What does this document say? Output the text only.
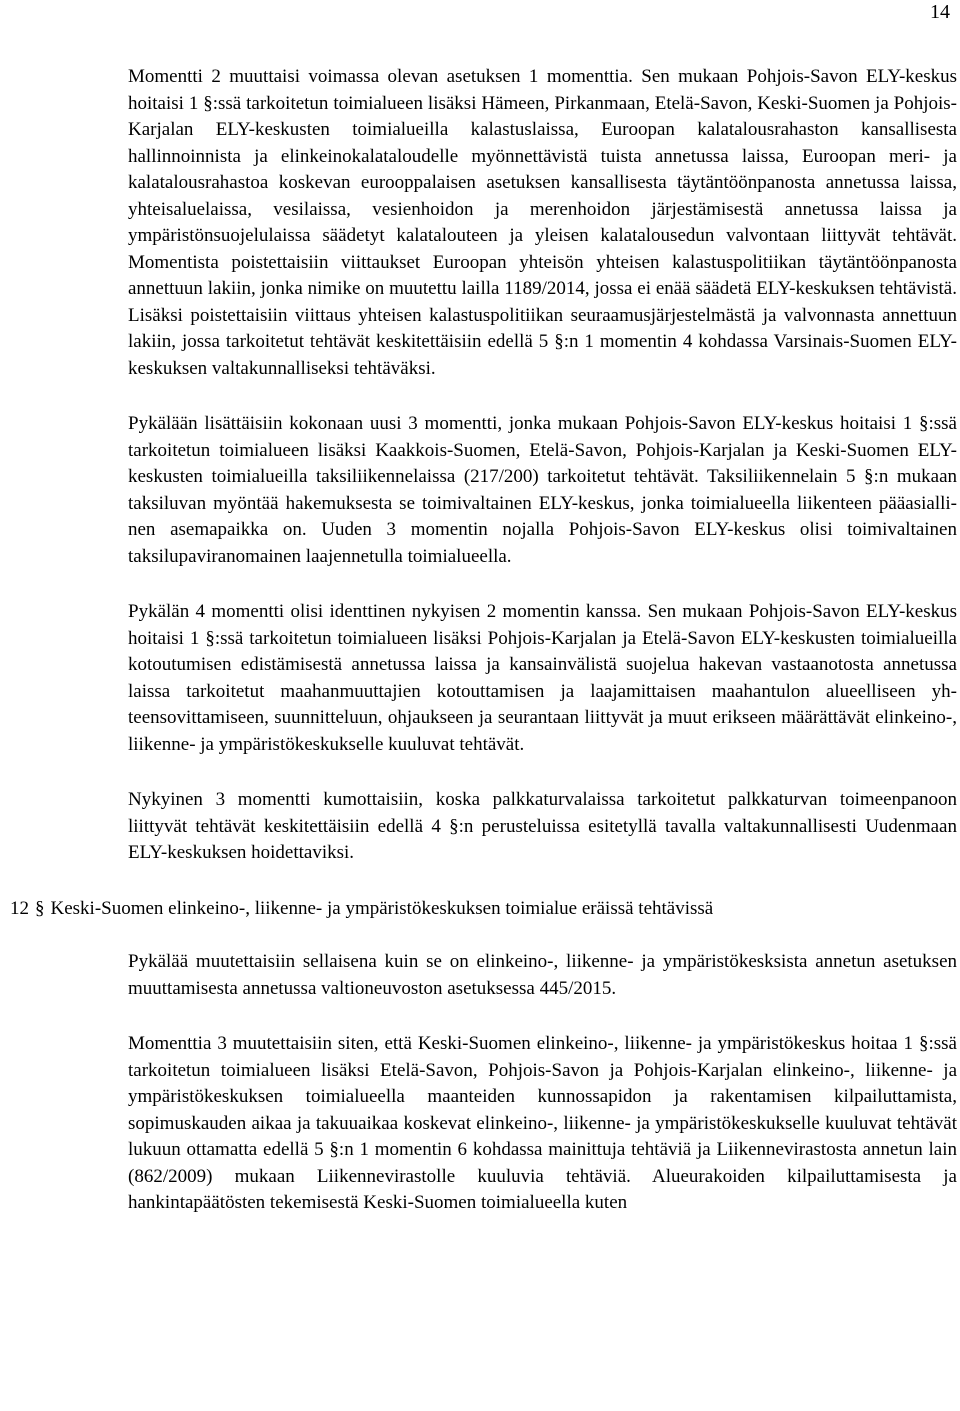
14

Momentti 2 muuttaisi voimassa olevan asetuksen 1 momenttia. Sen mukaan Pohjois-Savon ELY-keskus hoitaisi 1 §:ssä tarkoitetun toimialueen lisäksi Hämeen, Pirkanmaan, Etelä-Savon, Keski-Suomen ja Pohjois-Karjalan ELY-keskusten toimialueilla kalastuslaissa, Euroopan kalatalousrahaston kansallisesta hallinnoinnista ja elinkeinokalataloudelle myönnettävistä tuista annetussa laissa, Euroopan meri- ja kalatalousrahastoa koskevan eurooppalaisen asetuksen kansallisesta täytäntöönpanosta annetussa laissa, yhteisaluelaissa, vesilaissa, vesienhoidon ja merenhoidon järjestämisestä annetussa laissa ja ympäristönsuojelulaissa säädetyt kalatalouteen ja yleisen kalatalousedun valvontaan liittyvät tehtävät. Momentista poistettaisiin viittaukset Euroopan yhteisön yhteisen kalastuspolitiikan täytäntöönpanosta annettuun lakiin, jonka nimike on muutettu lailla 1189/2014, jossa ei enää säädetä ELY-keskuksen tehtävistä. Lisäksi poistettaisiin viittaus yhteisen kalastuspolitiikan seuraamusjärjestelmästä ja valvonnasta annettuun lakiin, jossa tarkoitetut tehtävät keskitettäisiin edellä 5 §:n 1 momentin 4 kohdassa Varsinais-Suomen ELY-keskuksen valtakunnalliseksi tehtäväksi.

Pykälään lisättäisiin kokonaan uusi 3 momentti, jonka mukaan Pohjois-Savon ELY-keskus hoitaisi 1 §:ssä tarkoitetun toimialueen lisäksi Kaakkois-Suomen, Etelä-Savon, Pohjois-Karjalan ja Keski-Suomen ELY-keskusten toimialueilla taksiliikennelaissa (217/200) tarkoitetut tehtävät. Taksiliikennelain 5 §:n mukaan taksiluvan myöntää hakemuksesta se toimivaltainen ELY-keskus, jonka toimialueella liikenteen pääasiallinen asemapaikka on. Uuden 3 momentin nojalla Pohjois-Savon ELY-keskus olisi toimivaltainen taksilupaviranomainen laajennetulla toimialueella.

Pykälän 4 momentti olisi identtinen nykyisen 2 momentin kanssa. Sen mukaan Pohjois-Savon ELY-keskus hoitaisi 1 §:ssä tarkoitetun toimialueen lisäksi Pohjois-Karjalan ja Etelä-Savon ELY-keskusten toimialueilla kotoutumisen edistämisestä annetussa laissa ja kansainvälistä suojelua hakevan vastaanotosta annetussa laissa tarkoitetut maahanmuuttajien kotouttamisen ja laajamittaisen maahantulon alueelliseen yhteensovittamiseen, suunnitteluun, ohjaukseen ja seurantaan liittyvät ja muut erikseen määrättävät elinkeino-, liikenne- ja ympäristökeskukselle kuuluvat tehtävät.

Nykyinen 3 momentti kumottaisiin, koska palkkaturvalaissa tarkoitetut palkkaturvan toimeenpanoon liittyvät tehtävät keskitettäisiin edellä 4 §:n perusteluissa esitetyllä tavalla valtakunnallisesti Uudenmaan ELY-keskuksen hoidettaviksi.

12 § Keski-Suomen elinkeino-, liikenne- ja ympäristökeskuksen toimialue eräissä tehtävissä

Pykälää muutettaisiin sellaisena kuin se on elinkeino-, liikenne- ja ympäristökesksista annetun asetuksen muuttamisesta annetussa valtioneuvoston asetuksessa 445/2015.

Momenttia 3 muutettaisiin siten, että Keski-Suomen elinkeino-, liikenne- ja ympäristökeskus hoitaa 1 §:ssä tarkoitetun toimialueen lisäksi Etelä-Savon, Pohjois-Savon ja Pohjois-Karjalan elinkeino-, liikenne- ja ympäristökeskuksen toimialueella maanteiden kunnossapidon ja rakentamisen kilpailuttamista, sopimuskauden aikaa ja takuuaikaa koskevat elinkeino-, liikenne- ja ympäristökeskukselle kuuluvat tehtävät lukuun ottamatta edellä 5 §:n 1 momentin 6 kohdassa mainittuja tehtäviä ja Liikennevirastosta annetun lain (862/2009) mukaan Liikennevirastolle kuuluvia tehtäviä. Alueurakoiden kilpailuttamisesta ja hankintapäätösten tekemisestä Keski-Suomen toimialueella kuten
